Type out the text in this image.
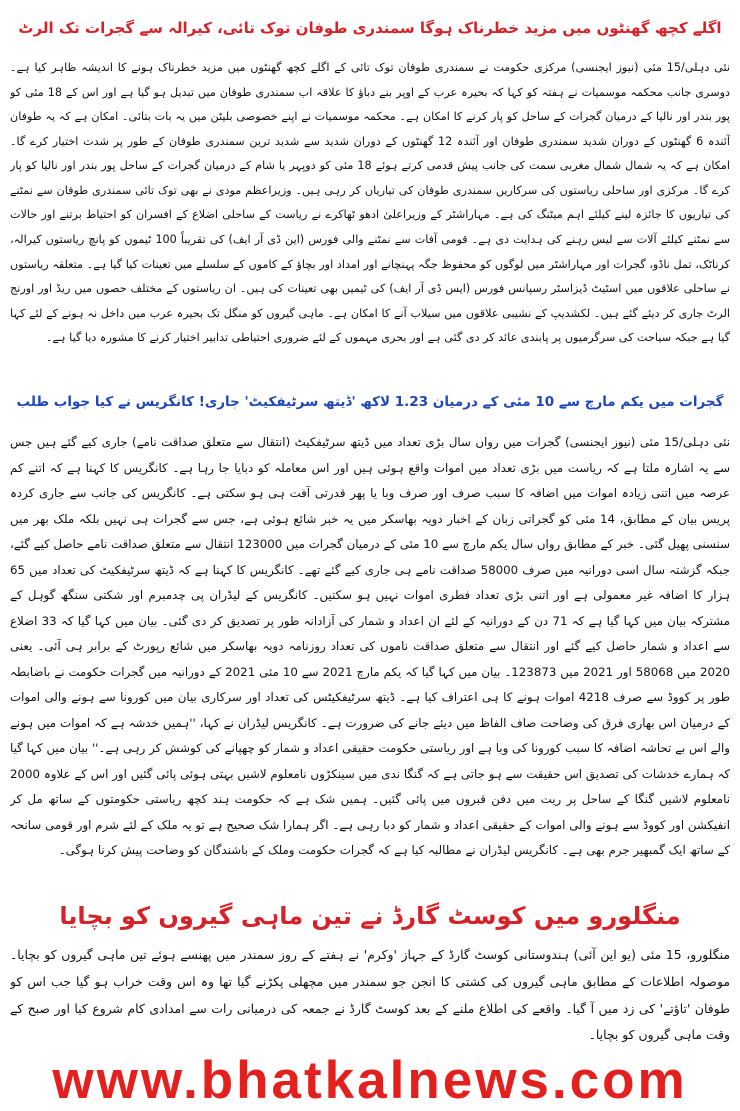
اگلے کچھ گھنٹوں میں مزید خطرناک ہوگا سمندری طوفان توک تائی، کیرالہ سے گجرات تک الرٹ

نئی دہلی/15 مئی (نیوز ایجنسی) مرکزی حکومت نے سمندری طوفان توک تائی کے اگلے کچھ گھنٹوں میں مزید خطرناک ہونے کا اندیشہ ظاہر کیا ہے۔ دوسری جانب محکمہ موسمیات نے ہفتہ کو کہا کہ بحیرہ عرب کے اوپر بنے دباؤ کا علاقہ اب سمندری طوفان میں تبدیل ہو گیا ہے اور اس کے 18 مئی کو پور بندر اور نالیا کے درمیان گجرات کے ساحل کو پار کرنے کا امکان ہے۔ محکمہ موسمیات نے اپنے خصوصی بلیٹن میں یہ بات بتائی۔ امکان ہے کہ یہ طوفان آئندہ 6 گھنٹوں کے دوران شدید سمندری طوفان اور آئندہ 12 گھنٹوں کے دوران شدید سے شدید ترین سمندری طوفان کے طور پر شدت اختیار کرے گا۔ امکان ہے کہ یہ شمال شمال مغربی سمت کی جانب پیش قدمی کرتے ہوئے 18 مئی کو دوپہر یا شام کے درمیان گجرات کے ساحل پور بندر اور نالیا کو پار کرے گا۔ مرکزی اور ساحلی ریاستوں کی سرکاریں سمندری طوفان کی تیاریاں کر رہی ہیں۔ وزیراعظم مودی نے بھی توک تائی سمندری طوفان سے نمٹنے کی تیاریوں کا جائزہ لینے کیلئے اہم میٹنگ کی ہے۔ مہاراشٹر کے وزیراعلیٰ ادھو ٹھاکرے نے ریاست کے ساحلی اضلاع کے افسران کو احتیاط برتنے اور حالات سے نمٹنے کیلئے آلات سے لیس رہنے کی ہدایت دی ہے۔ قومی آفات سے نمٹنے والی فورس (این ڈی آر ایف) کی تقریباً 100 ٹیموں کو پانچ ریاستوں کیرالہ، کرناٹک، تمل ناڈو، گجرات اور مہاراشٹر میں لوگوں کو محفوظ جگہ پہنچانے اور امداد اور بچاؤ کے کاموں کے سلسلے میں تعینات کیا گیا ہے۔ متعلقہ ریاستوں نے ساحلی علاقوں میں اسٹیٹ ڈیزاسٹر رسپانس فورس (ایس ڈی آر ایف) کی ٹیمیں بھی تعینات کی ہیں۔ ان ریاستوں کے مختلف حصوں میں ریڈ اور اورنج الرٹ جاری کر دیئے گئے ہیں۔ لکشدیپ کے نشیبی علاقوں میں سیلاب آنے کا امکان ہے۔ ماہی گیروں کو منگل تک بحیرہ عرب میں داخل نہ ہونے کے لئے کہا گیا ہے جبکہ سیاحت کی سرگرمیوں پر پابندی عائد کر دی گئی ہے اور بحری مہموں کے لئے ضروری احتیاطی تدابیر اختیار کرنے کا مشورہ دیا گیا ہے۔

گجرات میں یکم مارچ سے 10 مئی کے درمیان 1.23 لاکھ 'ڈیتھ سرٹیفکیٹ' جاری! کانگریس نے کیا جواب طلب

نئی دہلی/15 مئی (نیوز ایجنسی) گجرات میں رواں سال بڑی تعداد میں ڈیتھ سرٹیفکیٹ (انتقال سے متعلق صداقت نامے) جاری کیے گئے ہیں جس سے یہ اشارہ ملتا ہے کہ ریاست میں بڑی تعداد میں اموات واقع ہوئی ہیں اور اس معاملہ کو دبایا جا رہا ہے۔ کانگریس کا کہنا ہے کہ اتنے کم عرصہ میں اتنی زیادہ اموات میں اضافہ کا سبب صرف اور صرف وبا یا پھر قدرتی آفت ہی ہو سکتی ہے۔ کانگریس کی جانب سے جاری کردہ پریس بیان کے مطابق، 14 مئی کو گجراتی زبان کے اخبار دویہ بھاسکر میں یہ خبر شائع ہوئی ہے، جس سے گجرات ہی نہیں بلکہ ملک بھر میں سنسنی پھیل گئی۔ خبر کے مطابق رواں سال یکم مارچ سے 10 مئی کے درمیان گجرات میں 123000 انتقال سے متعلق صداقت نامے حاصل کیے گئے، جبکہ گزشتہ سال اسی دورانیہ میں صرف 58000 صداقت نامے ہی جاری کیے گئے تھے۔ کانگریس کا کہنا ہے کہ ڈیتھ سرٹیفکیٹ کی تعداد میں 65 ہزار کا اضافہ غیر معمولی ہے اور اتنی بڑی تعداد فطری اموات نہیں ہو سکتیں۔ کانگریس کے لیڈران پی چدمبرم اور شکتی سنگھ گوہل کے مشترکہ بیان میں کہا گیا ہے کہ 71 دن کے دورانیہ کے لئے ان اعداد و شمار کی آزادانہ طور پر تصدیق کر دی گئی۔ بیان میں کہا گیا کہ 33 اضلاع سے اعداد و شمار حاصل کیے گئے اور انتقال سے متعلق صداقت ناموں کی تعداد روزنامہ دویہ بھاسکر میں شائع رپورٹ کے برابر ہی آئی۔ یعنی 2020 میں 58068 اور 2021 میں 123873۔ بیان میں کہا گیا کہ یکم مارچ 2021 سے 10 مئی 2021 کے دورانیہ میں گجرات حکومت نے باضابطہ طور پر کووڈ سے صرف 4218 اموات ہونے کا ہی اعتراف کیا ہے۔ ڈیتھ سرٹیفکیٹس کی تعداد اور سرکاری بیان میں کورونا سے ہونے والی اموات کے درمیان اس بھاری فرق کی وضاحت صاف الفاظ میں دیئے جانے کی ضرورت ہے۔ کانگریس لیڈران نے کہا، ''ہمیں خدشہ ہے کہ اموات میں ہونے والے اس بے تحاشہ اضافہ کا سبب کورونا کی وبا ہے اور ریاستی حکومت حقیقی اعداد و شمار کو چھپانے کی کوشش کر رہی ہے۔'' بیان میں کہا گیا کہ ہمارے خدشات کی تصدیق اس حقیقت سے ہو جاتی ہے کہ گنگا ندی میں سینکڑوں نامعلوم لاشیں بہتی ہوئی پائی گئیں اور اس کے علاوہ 2000 نامعلوم لاشیں گنگا کے ساحل پر ریت میں دفن قبروں میں پائی گئیں۔ ہمیں شک ہے کہ حکومت ہند کچھ ریاستی حکومتوں کے ساتھ مل کر انفیکشن اور کووڈ سے ہونے والی اموات کے حقیقی اعداد و شمار کو دبا رہی ہے۔ اگر ہمارا شک صحیح ہے تو یہ ملک کے لئے شرم اور قومی سانحہ کے ساتھ ایک گمبھیر جرم بھی ہے۔ کانگریس لیڈران نے مطالبہ کیا ہے کہ گجرات حکومت وملک کے باشندگان کو وضاحت پیش کرنا ہوگی۔

منگلورو میں کوسٹ گارڈ نے تین ماہی گیروں کو بچایا

منگلورو، 15 مئی (یو این آئی) ہندوستانی کوسٹ گارڈ کے جہاز 'وکرم' نے ہفتے کے روز سمندر میں پھنسے ہوئے تین ماہی گیروں کو بچایا۔ موصولہ اطلاعات کے مطابق ماہی گیروں کی کشتی کا انجن جو سمندر میں مچھلی پکڑنے گیا تھا وہ اس وقت خراب ہو گیا جب اس کو طوفان 'تاؤتے' کی زد میں آ گیا۔ واقعے کی اطلاع ملنے کے بعد کوسٹ گارڈ نے جمعہ کی درمیانی رات سے امدادی کام شروع کیا اور صبح کے وقت ماہی گیروں کو بچایا۔

www.bhatkalnews.com
